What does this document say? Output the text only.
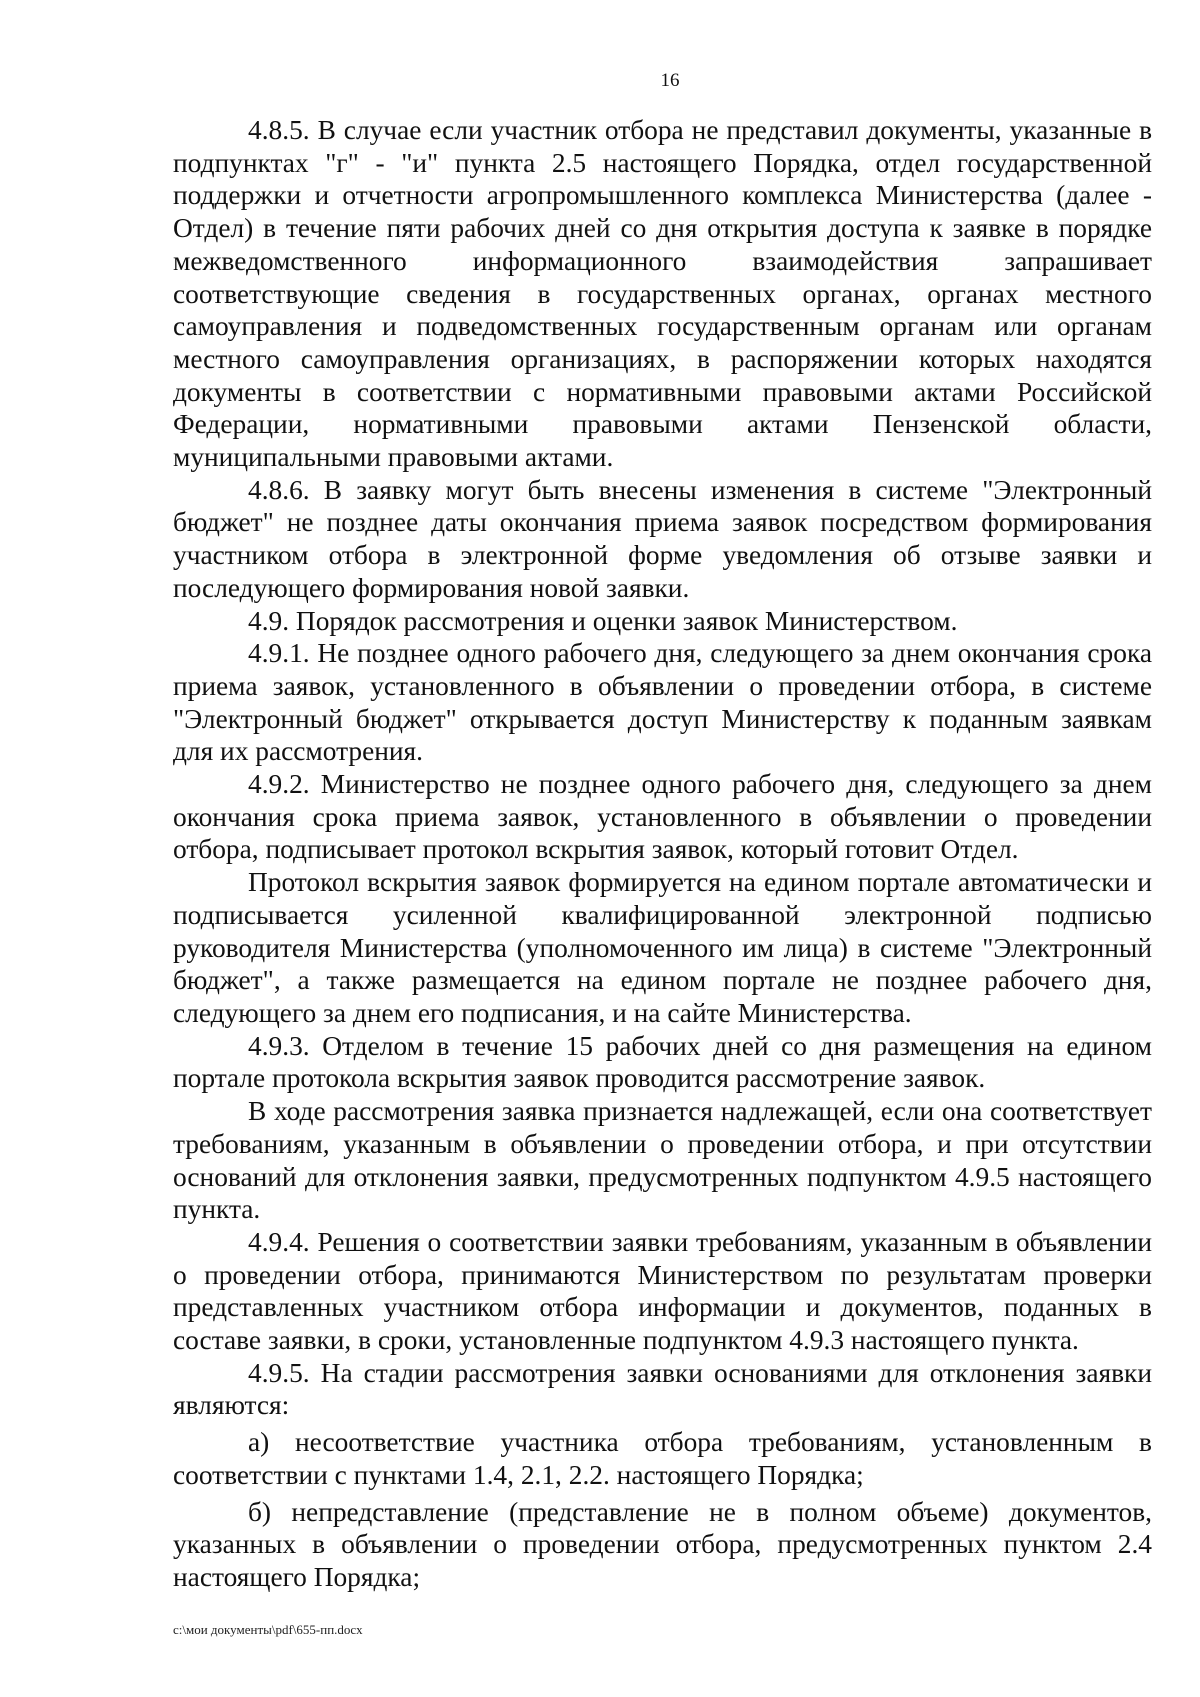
16

4.8.5. В случае если участник отбора не представил документы, указанные в подпунктах "г" - "и" пункта 2.5 настоящего Порядка, отдел государственной поддержки и отчетности агропромышленного комплекса Министерства (далее - Отдел) в течение пяти рабочих дней со дня открытия доступа к заявке в порядке межведомственного информационного взаимодействия запрашивает соответствующие сведения в государственных органах, органах местного самоуправления и подведомственных государственным органам или органам местного самоуправления организациях, в распоряжении которых находятся документы в соответствии с нормативными правовыми актами Российской Федерации, нормативными правовыми актами Пензенской области, муниципальными правовыми актами.

4.8.6. В заявку могут быть внесены изменения в системе "Электронный бюджет" не позднее даты окончания приема заявок посредством формирования участником отбора в электронной форме уведомления об отзыве заявки и последующего формирования новой заявки.

4.9. Порядок рассмотрения и оценки заявок Министерством.

4.9.1. Не позднее одного рабочего дня, следующего за днем окончания срока приема заявок, установленного в объявлении о проведении отбора, в системе "Электронный бюджет" открывается доступ Министерству к поданным заявкам для их рассмотрения.

4.9.2. Министерство не позднее одного рабочего дня, следующего за днем окончания срока приема заявок, установленного в объявлении о проведении отбора, подписывает протокол вскрытия заявок, который готовит Отдел.

Протокол вскрытия заявок формируется на едином портале автоматически и подписывается усиленной квалифицированной электронной подписью руководителя Министерства (уполномоченного им лица) в системе "Электронный бюджет", а также размещается на едином портале не позднее рабочего дня, следующего за днем его подписания, и на сайте Министерства.

4.9.3. Отделом в течение 15 рабочих дней со дня размещения на едином портале протокола вскрытия заявок проводится рассмотрение заявок.

В ходе рассмотрения заявка признается надлежащей, если она соответствует требованиям, указанным в объявлении о проведении отбора, и при отсутствии оснований для отклонения заявки, предусмотренных подпунктом 4.9.5 настоящего пункта.

4.9.4. Решения о соответствии заявки требованиям, указанным в объявлении о проведении отбора, принимаются Министерством по результатам проверки представленных участником отбора информации и документов, поданных в составе заявки, в сроки, установленные подпунктом 4.9.3 настоящего пункта.

4.9.5. На стадии рассмотрения заявки основаниями для отклонения заявки являются:

а) несоответствие участника отбора требованиям, установленным в соответствии с пунктами 1.4, 2.1, 2.2. настоящего Порядка;

б) непредставление (представление не в полном объеме) документов, указанных в объявлении о проведении отбора, предусмотренных пунктом 2.4 настоящего Порядка;

c:\мои документы\pdf\655-пп.docx
